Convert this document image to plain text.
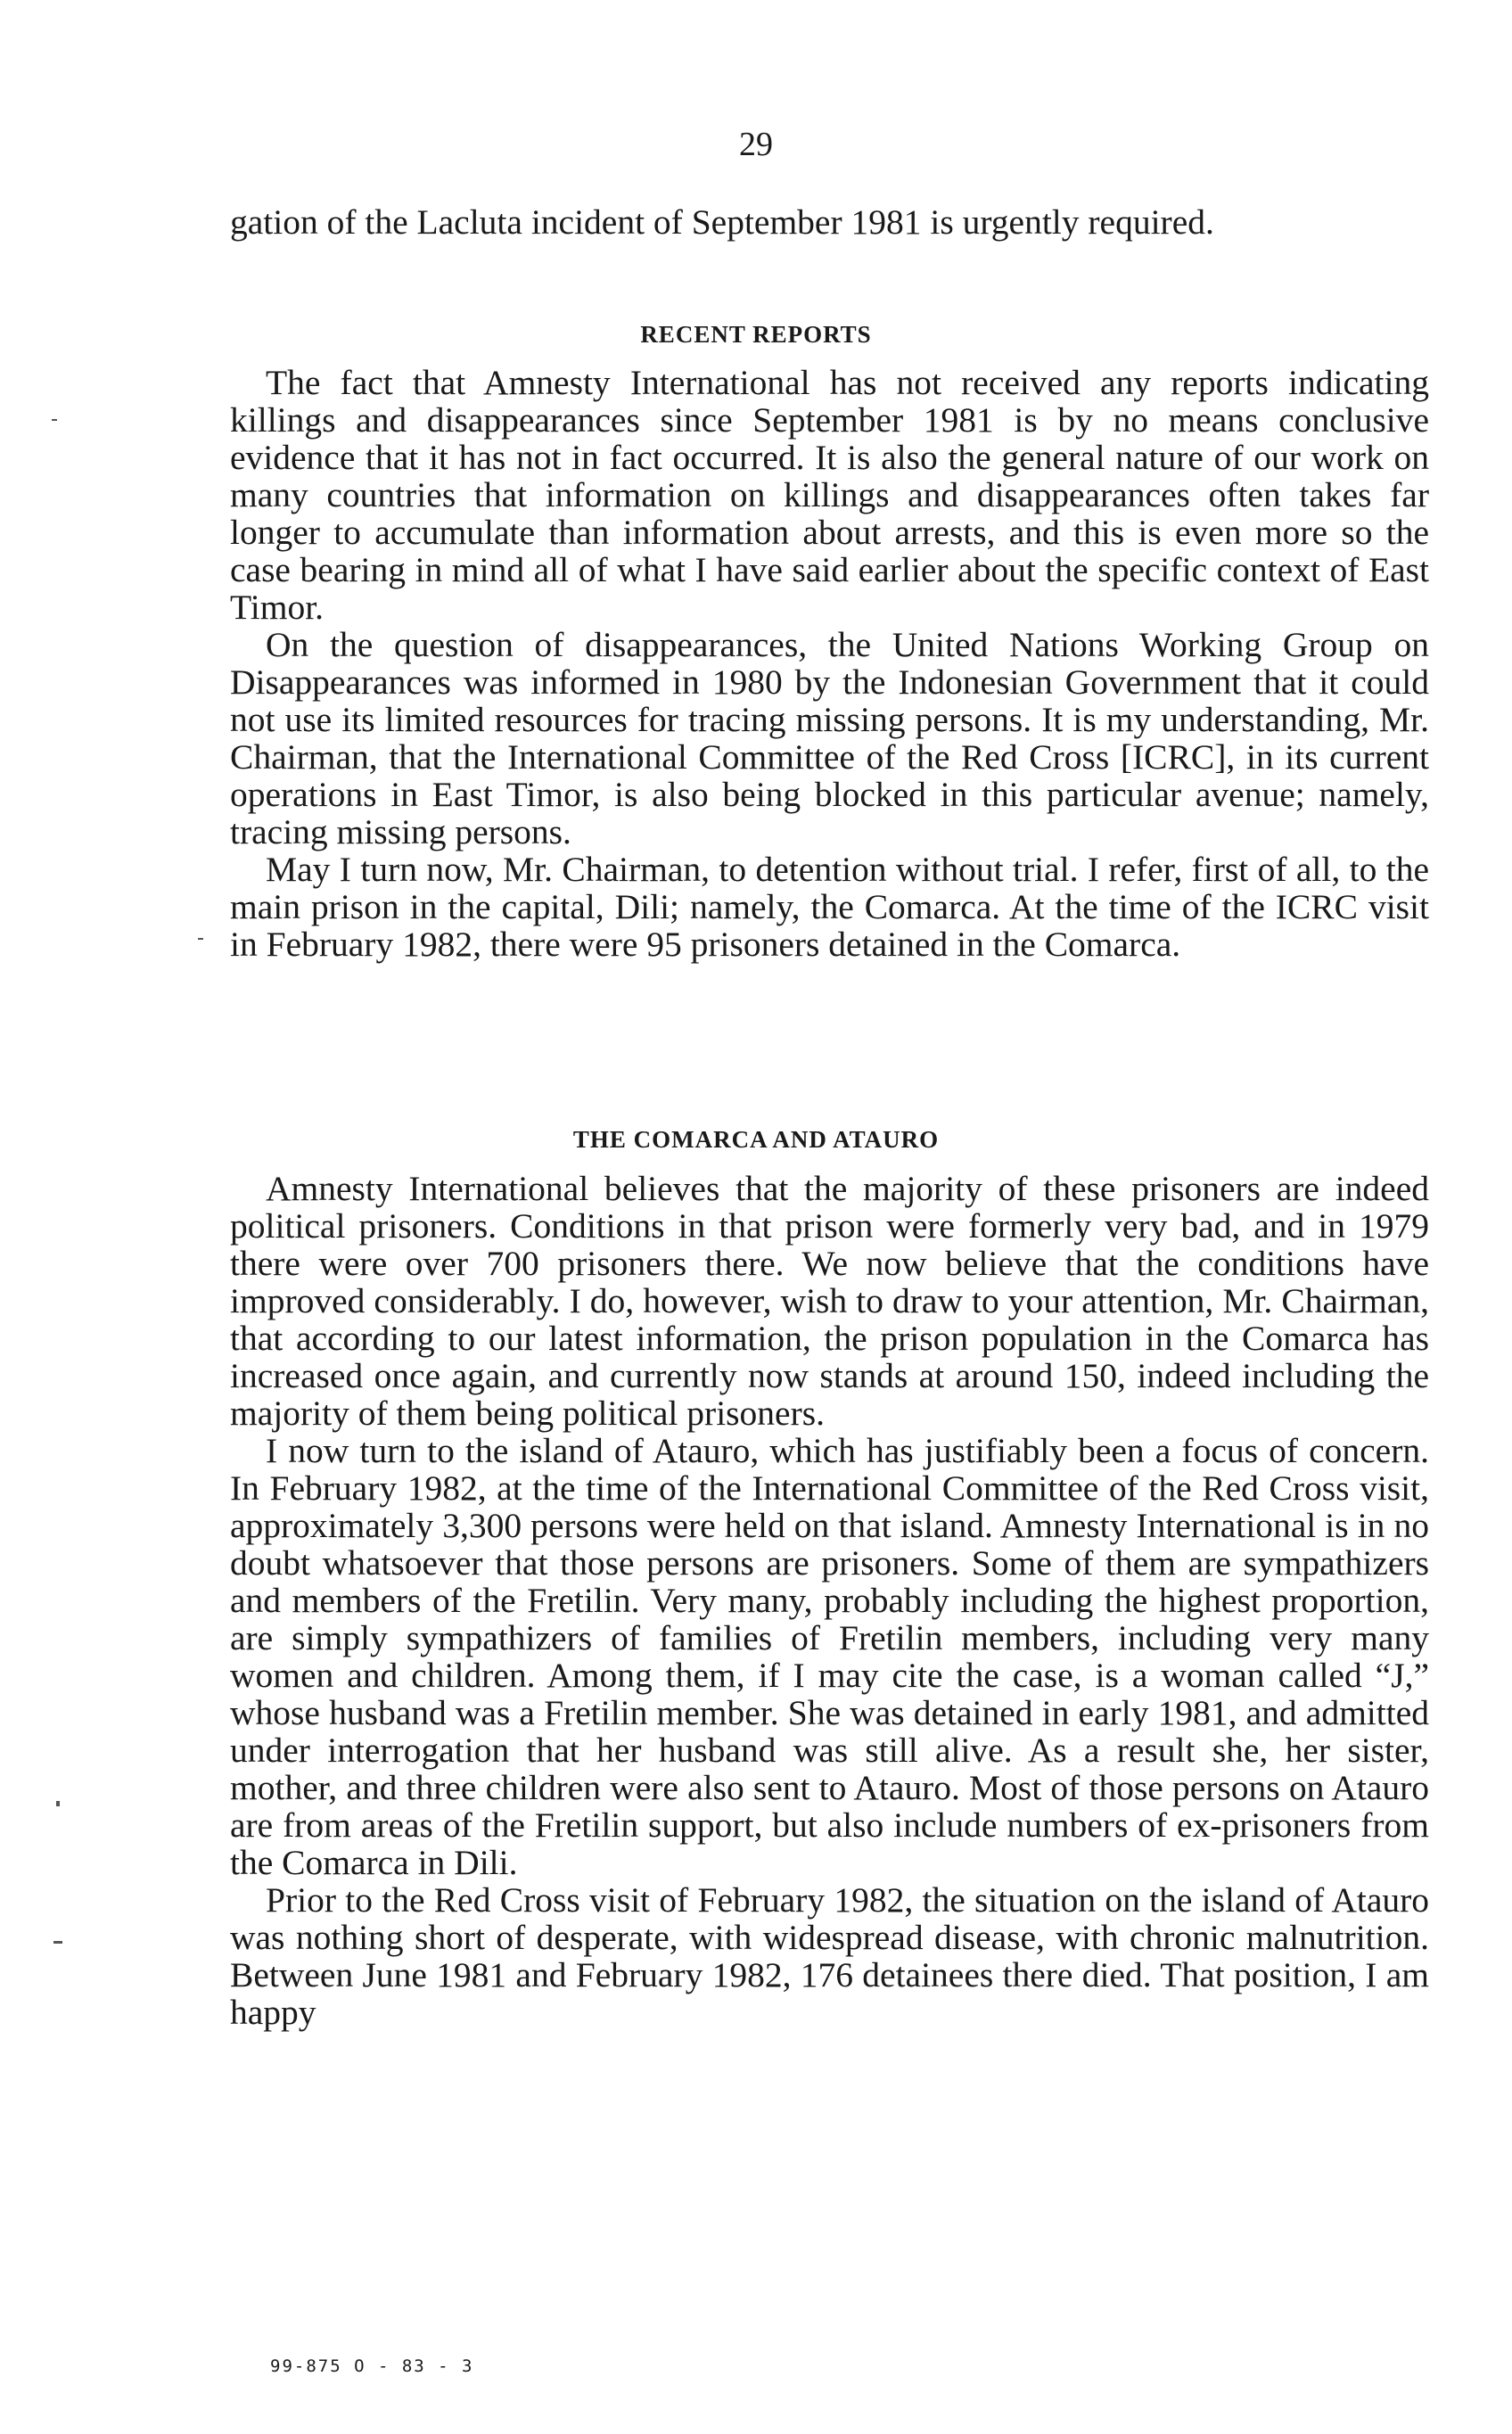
29

gation of the Lacluta incident of September 1981 is urgently required.

RECENT REPORTS

The fact that Amnesty International has not received any reports indicating killings and disappearances since September 1981 is by no means conclusive evidence that it has not in fact occurred. It is also the general nature of our work on many countries that information on killings and disappearances often takes far longer to accumulate than information about arrests, and this is even more so the case bearing in mind all of what I have said earlier about the specific context of East Timor.

On the question of disappearances, the United Nations Working Group on Disappearances was informed in 1980 by the Indonesian Government that it could not use its limited resources for tracing missing persons. It is my understanding, Mr. Chairman, that the International Committee of the Red Cross [ICRC], in its current operations in East Timor, is also being blocked in this particular avenue; namely, tracing missing persons.

May I turn now, Mr. Chairman, to detention without trial. I refer, first of all, to the main prison in the capital, Dili; namely, the Comarca. At the time of the ICRC visit in February 1982, there were 95 prisoners detained in the Comarca.

THE COMARCA AND ATAURO

Amnesty International believes that the majority of these prisoners are indeed political prisoners. Conditions in that prison were formerly very bad, and in 1979 there were over 700 prisoners there. We now believe that the conditions have improved considerably. I do, however, wish to draw to your attention, Mr. Chairman, that according to our latest information, the prison population in the Comarca has increased once again, and currently now stands at around 150, indeed including the majority of them being political prisoners.

I now turn to the island of Atauro, which has justifiably been a focus of concern. In February 1982, at the time of the International Committee of the Red Cross visit, approximately 3,300 persons were held on that island. Amnesty International is in no doubt whatsoever that those persons are prisoners. Some of them are sympathizers and members of the Fretilin. Very many, probably including the highest proportion, are simply sympathizers of families of Fretilin members, including very many women and children. Among them, if I may cite the case, is a woman called “J,” whose husband was a Fretilin member. She was detained in early 1981, and admitted under interrogation that her husband was still alive. As a result she, her sister, mother, and three children were also sent to Atauro. Most of those persons on Atauro are from areas of the Fretilin support, but also include numbers of ex-prisoners from the Comarca in Dili.

Prior to the Red Cross visit of February 1982, the situation on the island of Atauro was nothing short of desperate, with widespread disease, with chronic malnutrition. Between June 1981 and February 1982, 176 detainees there died. That position, I am happy

99-875 O - 83 - 3
